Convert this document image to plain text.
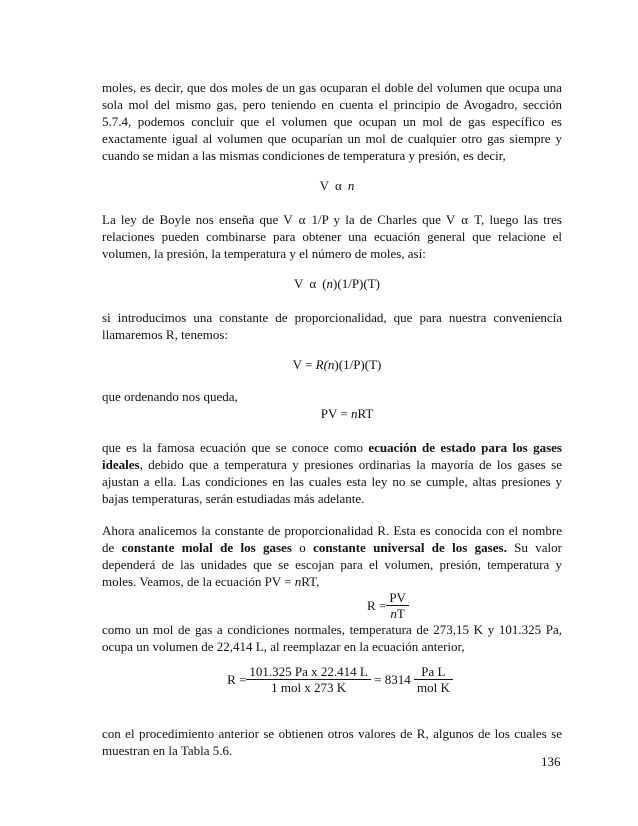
moles, es decir, que dos moles de un gas ocuparan el doble del volumen que ocupa una sola mol del mismo gas, pero teniendo en cuenta el principio de Avogadro, sección 5.7.4, podemos concluir que el volumen que ocupan un mol de gas específico es exactamente igual al volumen que ocuparían un mol de cualquier otro gas siempre y cuando se midan a las mismas condiciones de temperatura y presión, es decir,

V α n

La ley de Boyle nos enseña que V α 1/P y la de Charles que V α T, luego las tres relaciones pueden combinarse para obtener una ecuación general que relacione el volumen, la presión, la temperatura y el número de moles, así:

V α (n)(1/P)(T)

si introducimos una constante de proporcionalidad, que para nuestra conveniencia llamaremos R, tenemos:

V = R(n)(1/P)(T)

que ordenando nos queda,

PV = nRT

que es la famosa ecuación que se conoce como ecuación de estado para los gases ideales, debido que a temperatura y presiones ordinarias la mayoría de los gases se ajustan a ella. Las condiciones en las cuales esta ley no se cumple, altas presiones y bajas temperaturas, serán estudiadas más adelante.

Ahora analicemos la constante de proporcionalidad R. Esta es conocida con el nombre de constante molal de los gases o constante universal de los gases. Su valor dependerá de las unidades que se escojan para el volumen, presión, temperatura y moles. Veamos, de la ecuación PV = nRT,

$R = \frac{PV}{nT}$

como un mol de gas a condiciones normales, temperatura de 273,15 K y 101.325 Pa, ocupa un volumen de 22,414 L, al reemplazar en la ecuación anterior,

$R = \frac{\text{101.325 Pa x 22.414 L}}{\text{1 mol x 273 K}} = 8314 \frac{\text{Pa L}}{\text{mol K}}$

con el procedimiento anterior se obtienen otros valores de R, algunos de los cuales se muestran en la Tabla 5.6.

136
